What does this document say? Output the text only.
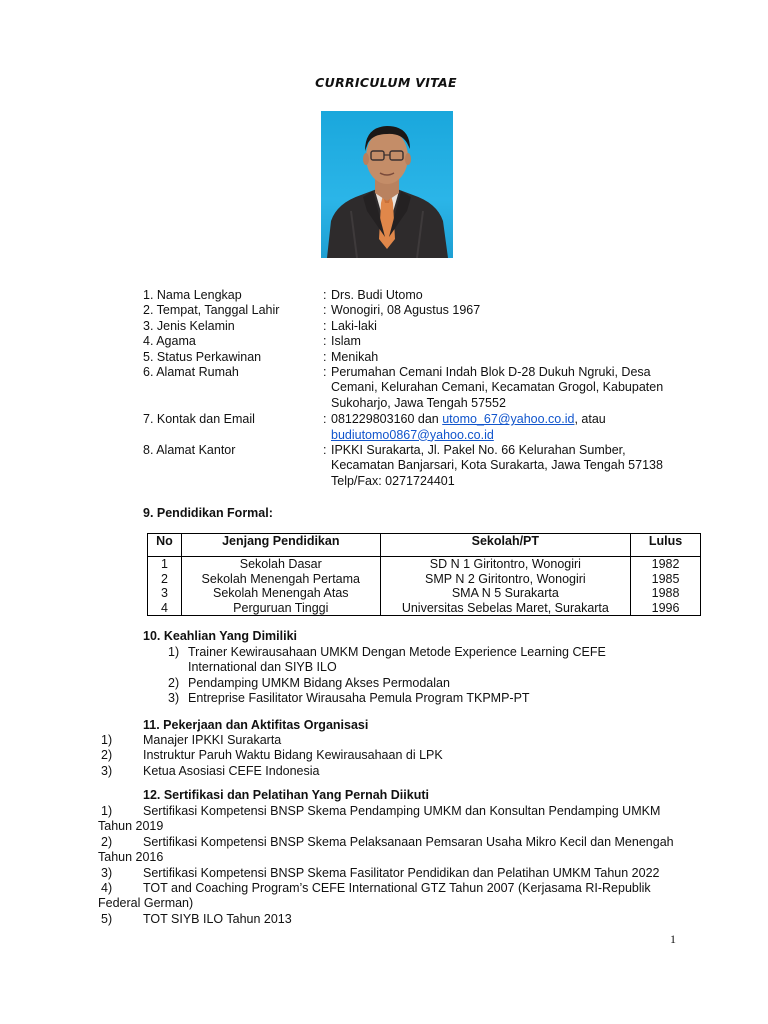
CURRICULUM VITAE
1. Nama Lengkap	: Drs. Budi Utomo
2. Tempat, Tanggal Lahir	: Wonogiri, 08 Agustus 1967
3. Jenis Kelamin	: Laki-laki
4. Agama	: Islam
5. Status Perkawinan	: Menikah
6. Alamat Rumah	: Perumahan Cemani Indah Blok D-28 Dukuh Ngruki, Desa Cemani, Kelurahan Cemani, Kecamatan Grogol, Kabupaten Sukoharjo, Jawa Tengah 57552
7. Kontak dan Email	: 081229803160 dan utomo_67@yahoo.co.id, atau
budiutomo0867@yahoo.co.id
8. Alamat Kantor	: IPKKI Surakarta, Jl. Pakel No. 66 Kelurahan Sumber, Kecamatan Banjarsari, Kota Surakarta, Jawa Tengah 57138 Telp/Fax: 0271724401
9. Pendidikan Formal:
No	Jenjang Pendidikan	Sekolah/PT	Lulus
1	Sekolah Dasar	SD N 1 Giritontro, Wonogiri	1982
2	Sekolah Menengah Pertama	SMP N 2 Giritontro, Wonogiri	1985
3	Sekolah Menengah Atas	SMA N 5 Surakarta	1988
4	Perguruan Tinggi	Universitas Sebelas Maret, Surakarta	1996
10. Keahlian Yang Dimiliki
1) Trainer Kewirausahaan UMKM Dengan Metode Experience Learning CEFE International dan SIYB ILO
2) Pendamping UMKM Bidang Akses Permodalan
3) Entreprise Fasilitator Wirausaha Pemula Program TKPMP-PT
11. Pekerjaan dan Aktifitas Organisasi
1)	Manajer IPKKI Surakarta
2)	Instruktur Paruh Waktu Bidang Kewirausahaan di LPK
3)	Ketua Asosiasi CEFE Indonesia
12. Sertifikasi dan Pelatihan Yang Pernah Diikuti
1) Sertifikasi Kompetensi BNSP Skema Pendamping UMKM dan Konsultan Pendamping UMKM Tahun 2019
2) Sertifikasi Kompetensi BNSP Skema Pelaksanaan Pemsaran Usaha Mikro Kecil dan Menengah Tahun 2016
3) Sertifikasi Kompetensi BNSP Skema Fasilitator Pendidikan dan Pelatihan UMKM Tahun 2022
4) TOT and Coaching Program’s CEFE International GTZ Tahun 2007 (Kerjasama RI-Republik Federal German)
5) TOT SIYB ILO Tahun 2013
1
